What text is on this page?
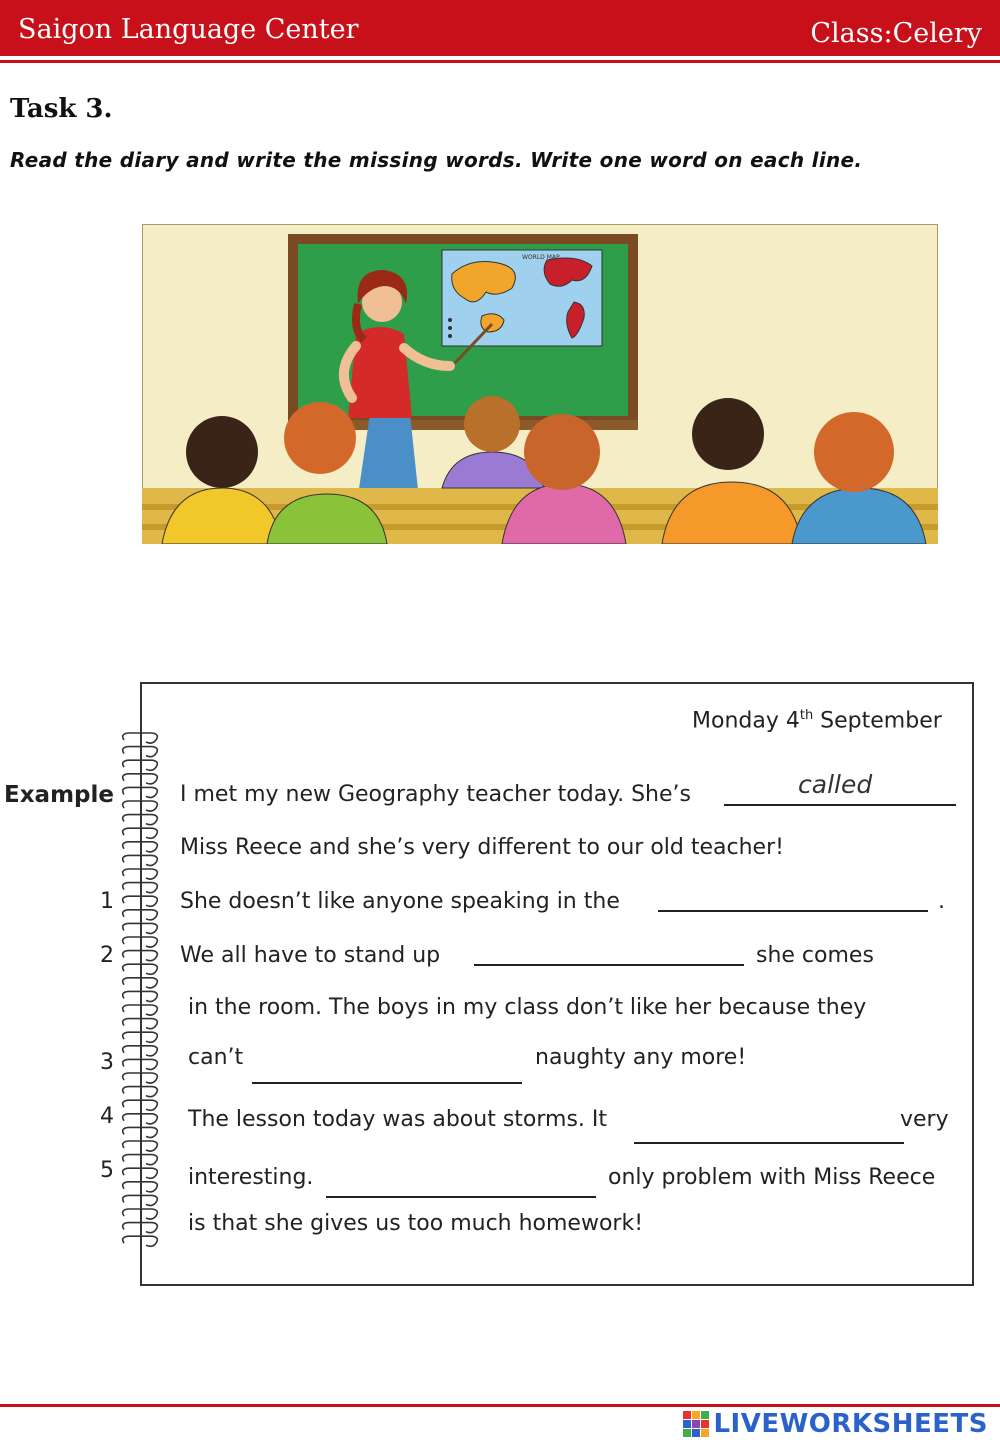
Saigon Language Center	Class:Celery
Task 3.
Read the diary and write the missing words. Write one word on each line.
WORLD MAP
Monday 4th September
Example
1
2
3
4
5
I met my new Geography teacher today. She’s	called
Miss Reece and she’s very different to our old teacher!
She doesn’t like anyone speaking in the	.
We all have to stand up	she comes
in the room. The boys in my class don’t like her because they
can’t	naughty any more!
The lesson today was about storms. It	very
interesting.	only problem with Miss Reece
is that she gives us too much homework!
LIVEWORKSHEETS
